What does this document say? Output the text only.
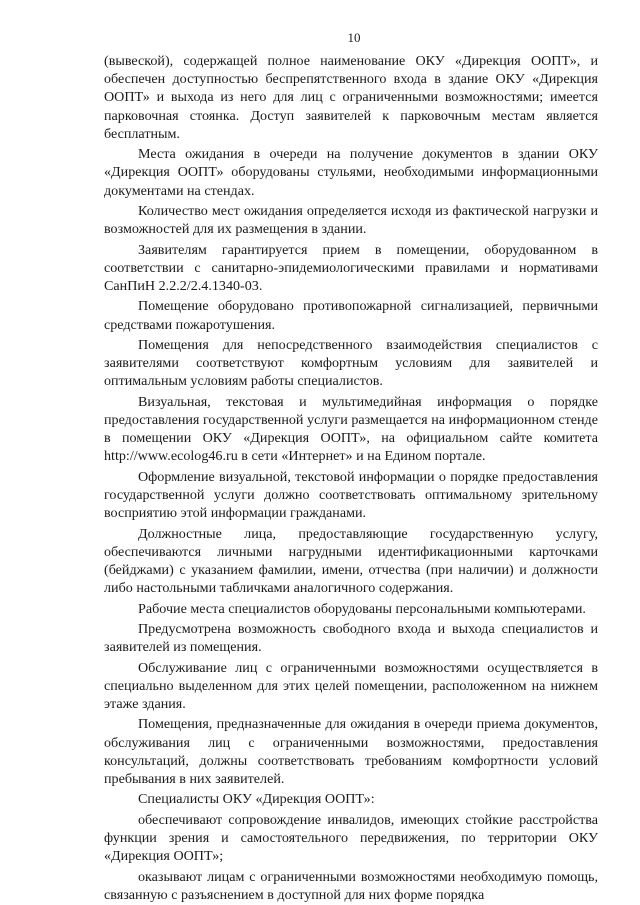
10

(вывеской), содержащей полное наименование ОКУ «Дирекция ООПТ», и обеспечен доступностью беспрепятственного входа в здание ОКУ «Дирекция ООПТ» и выхода из него для лиц с ограниченными возможностями; имеется парковочная стоянка. Доступ заявителей к парковочным местам является бесплатным.

Места ожидания в очереди на получение документов в здании ОКУ «Дирекция ООПТ» оборудованы стульями, необходимыми информационными документами на стендах.

Количество мест ожидания определяется исходя из фактической нагрузки и возможностей для их размещения в здании.

Заявителям гарантируется прием в помещении, оборудованном в соответствии с санитарно-эпидемиологическими правилами и нормативами СанПиН 2.2.2/2.4.1340-03.

Помещение оборудовано противопожарной сигнализацией, первичными средствами пожаротушения.

Помещения для непосредственного взаимодействия специалистов с заявителями соответствуют комфортным условиям для заявителей и оптимальным условиям работы специалистов.

Визуальная, текстовая и мультимедийная информация о порядке предоставления государственной услуги размещается на информационном стенде в помещении ОКУ «Дирекция ООПТ», на официальном сайте комитета http://www.ecolog46.ru в сети «Интернет» и на Едином портале.

Оформление визуальной, текстовой информации о порядке предоставления государственной услуги должно соответствовать оптимальному зрительному восприятию этой информации гражданами.

Должностные лица, предоставляющие государственную услугу, обеспечиваются личными нагрудными идентификационными карточками (бейджами) с указанием фамилии, имени, отчества (при наличии) и должности либо настольными табличками аналогичного содержания.

Рабочие места специалистов оборудованы персональными компьютерами.

Предусмотрена возможность свободного входа и выхода специалистов и заявителей из помещения.

Обслуживание лиц с ограниченными возможностями осуществляется в специально выделенном для этих целей помещении, расположенном на нижнем этаже здания.

Помещения, предназначенные для ожидания в очереди приема документов, обслуживания лиц с ограниченными возможностями, предоставления консультаций, должны соответствовать требованиям комфортности условий пребывания в них заявителей.

Специалисты ОКУ «Дирекция ООПТ»:

обеспечивают сопровождение инвалидов, имеющих стойкие расстройства функции зрения и самостоятельного передвижения, по территории ОКУ «Дирекция ООПТ»;

оказывают лицам с ограниченными возможностями необходимую помощь, связанную с разъяснением в доступной для них форме порядка
